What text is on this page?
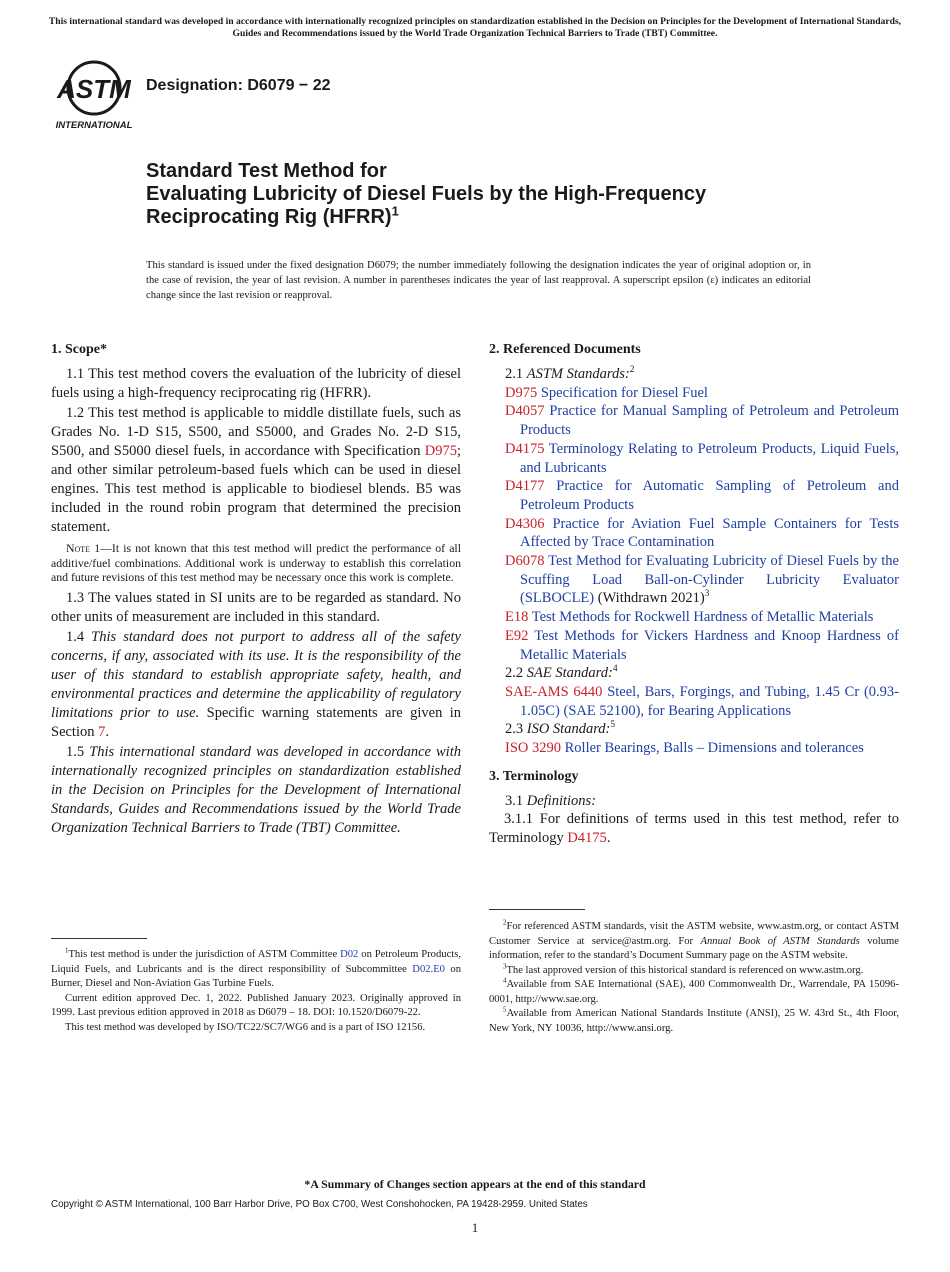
This international standard was developed in accordance with internationally recognized principles on standardization established in the Decision on Principles for the Development of International Standards, Guides and Recommendations issued by the World Trade Organization Technical Barriers to Trade (TBT) Committee.
ASTM
INTERNATIONAL
Designation: D6079 − 22
Standard Test Method for
Evaluating Lubricity of Diesel Fuels by the High-Frequency
Reciprocating Rig (HFRR)$^1$
This standard is issued under the fixed designation D6079; the number immediately following the designation indicates the year of original adoption or, in the case of revision, the year of last revision. A number in parentheses indicates the year of last reapproval. A superscript epsilon (ε) indicates an editorial change since the last revision or reapproval.
1. Scope*

1.1 This test method covers the evaluation of the lubricity of diesel fuels using a high-frequency reciprocating rig (HFRR).

1.2 This test method is applicable to middle distillate fuels, such as Grades No. 1-D S15, S500, and S5000, and Grades No. 2-D S15, S500, and S5000 diesel fuels, in accordance with Specification D975; and other similar petroleum-based fuels which can be used in diesel engines. This test method is applicable to biodiesel blends. B5 was included in the round robin program that determined the precision statement.

Note 1—It is not known that this test method will predict the performance of all additive/fuel combinations. Additional work is underway to establish this correlation and future revisions of this test method may be necessary once this work is complete.

1.3 The values stated in SI units are to be regarded as standard. No other units of measurement are included in this standard.

1.4 This standard does not purport to address all of the safety concerns, if any, associated with its use. It is the responsibility of the user of this standard to establish appropriate safety, health, and environmental practices and determine the applicability of regulatory limitations prior to use. Specific warning statements are given in Section 7.

1.5 This international standard was developed in accordance with internationally recognized principles on standardization established in the Decision on Principles for the Development of International Standards, Guides and Recommendations issued by the World Trade Organization Technical Barriers to Trade (TBT) Committee.

$^1$This test method is under the jurisdiction of ASTM Committee D02 on Petroleum Products, Liquid Fuels, and Lubricants and is the direct responsibility of Subcommittee D02.E0 on Burner, Diesel and Non-Aviation Gas Turbine Fuels.

Current edition approved Dec. 1, 2022. Published January 2023. Originally approved in 1999. Last previous edition approved in 2018 as D6079 – 18. DOI: 10.1520/D6079-22.

This test method was developed by ISO/TC22/SC7/WG6 and is a part of ISO 12156.

2. Referenced Documents

2.1 ASTM Standards:$^2$

D975 Specification for Diesel Fuel

D4057 Practice for Manual Sampling of Petroleum and Petroleum Products

D4175 Terminology Relating to Petroleum Products, Liquid Fuels, and Lubricants

D4177 Practice for Automatic Sampling of Petroleum and Petroleum Products

D4306 Practice for Aviation Fuel Sample Containers for Tests Affected by Trace Contamination

D6078 Test Method for Evaluating Lubricity of Diesel Fuels by the Scuffing Load Ball-on-Cylinder Lubricity Evaluator (SLBOCLE) (Withdrawn 2021)$^3$

E18 Test Methods for Rockwell Hardness of Metallic Materials

E92 Test Methods for Vickers Hardness and Knoop Hardness of Metallic Materials

2.2 SAE Standard:$^4$

SAE-AMS 6440 Steel, Bars, Forgings, and Tubing, 1.45 Cr (0.93-1.05C) (SAE 52100), for Bearing Applications

2.3 ISO Standard:$^5$

ISO 3290 Roller Bearings, Balls – Dimensions and tolerances

3. Terminology

3.1 Definitions:

3.1.1 For definitions of terms used in this test method, refer to Terminology D4175.

$^2$For referenced ASTM standards, visit the ASTM website, www.astm.org, or contact ASTM Customer Service at service@astm.org. For Annual Book of ASTM Standards volume information, refer to the standard’s Document Summary page on the ASTM website.

$^3$The last approved version of this historical standard is referenced on www.astm.org.

$^4$Available from SAE International (SAE), 400 Commonwealth Dr., Warrendale, PA 15096-0001, http://www.sae.org.

$^5$Available from American National Standards Institute (ANSI), 25 W. 43rd St., 4th Floor, New York, NY 10036, http://www.ansi.org.

*A Summary of Changes section appears at the end of this standard
Copyright © ASTM International, 100 Barr Harbor Drive, PO Box C700, West Conshohocken, PA 19428-2959. United States
1
